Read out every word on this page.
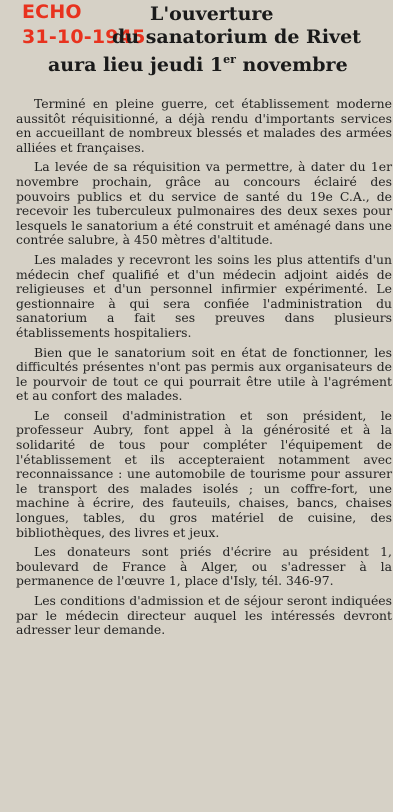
ECHO
31-10-1945
L'ouverture
du sanatorium de Rivet
aura lieu jeudi 1er novembre

Terminé en pleine guerre, cet établissement moderne aussitôt réquisitionné, a déjà rendu d'importants services en accueillant de nombreux blessés et malades des armées alliées et françaises.

La levée de sa réquisition va permettre, à dater du 1er novembre prochain, grâce au concours éclairé des pouvoirs publics et du service de santé du 19e C.A., de recevoir les tuberculeux pulmonaires des deux sexes pour lesquels le sanatorium a été construit et aménagé dans une contrée salubre, à 450 mètres d'altitude.

Les malades y recevront les soins les plus attentifs d'un médecin chef qualifié et d'un médecin adjoint aidés de religieuses et d'un personnel infirmier expérimenté. Le gestionnaire à qui sera confiée l'administration du sanatorium a fait ses preuves dans plusieurs établissements hospitaliers.

Bien que le sanatorium soit en état de fonctionner, les difficultés présentes n'ont pas permis aux organisateurs de le pourvoir de tout ce qui pourrait être utile à l'agrément et au confort des malades.

Le conseil d'administration et son président, le professeur Aubry, font appel à la générosité et à la solidarité de tous pour compléter l'équipement de l'établissement et ils accepteraient notamment avec reconnaissance : une automobile de tourisme pour assurer le transport des malades isolés ; un coffre-fort, une machine à écrire, des fauteuils, chaises, bancs, chaises longues, tables, du gros matériel de cuisine, des bibliothèques, des livres et jeux.

Les donateurs sont priés d'écrire au président 1, boulevard de France à Alger, ou s'adresser à la permanence de l'œuvre 1, place d'Isly, tél. 346-97.

Les conditions d'admission et de séjour seront indiquées par le médecin directeur auquel les intéressés devront adresser leur demande.
